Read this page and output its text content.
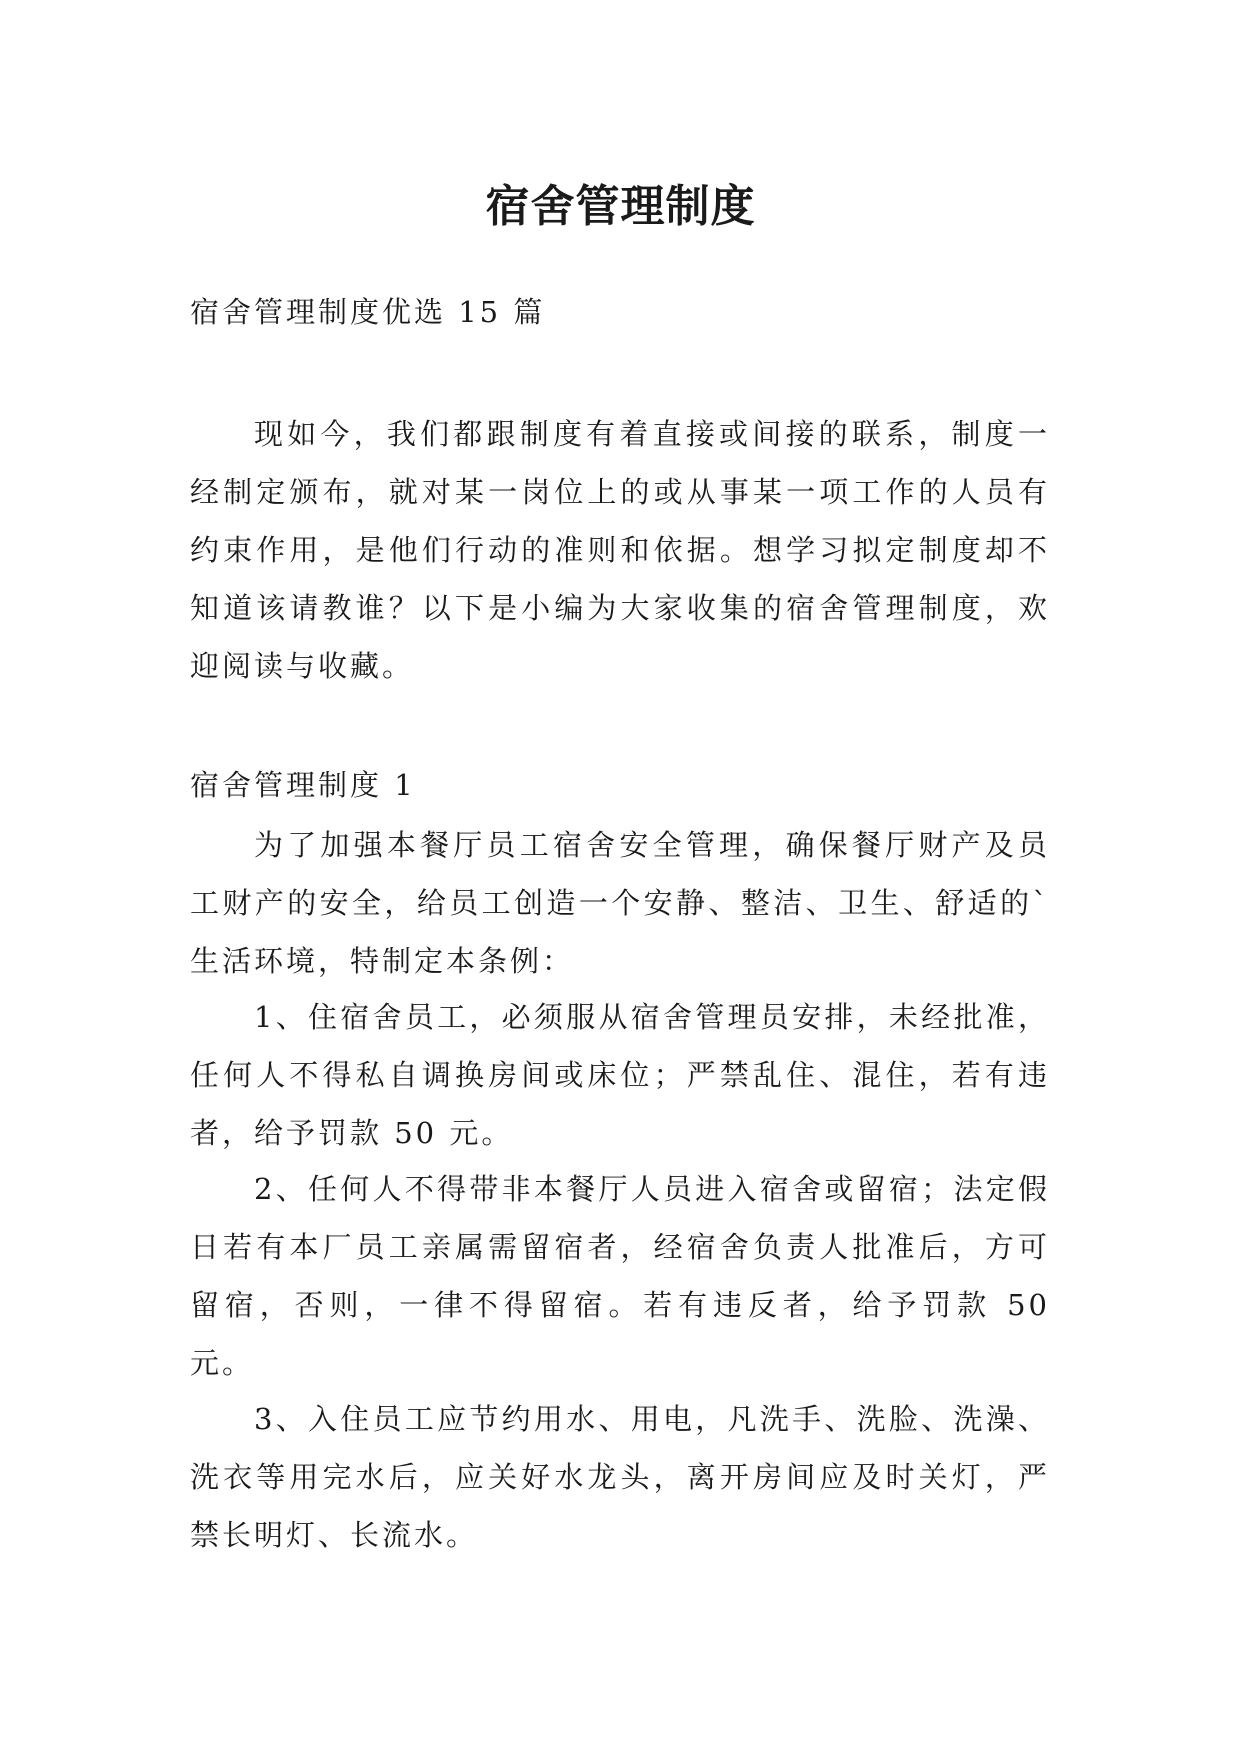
宿舍管理制度
宿舍管理制度优选 15 篇

现如今，我们都跟制度有着直接或间接的联系，制度一经制定颁布，就对某一岗位上的或从事某一项工作的人员有约束作用，是他们行动的准则和依据。想学习拟定制度却不知道该请教谁？以下是小编为大家收集的宿舍管理制度，欢迎阅读与收藏。

宿舍管理制度 1

为了加强本餐厅员工宿舍安全管理，确保餐厅财产及员工财产的安全，给员工创造一个安静、整洁、卫生、舒适的`生活环境，特制定本条例：

1、住宿舍员工，必须服从宿舍管理员安排，未经批准，任何人不得私自调换房间或床位；严禁乱住、混住，若有违者，给予罚款 50 元。

2、任何人不得带非本餐厅人员进入宿舍或留宿；法定假日若有本厂员工亲属需留宿者，经宿舍负责人批准后，方可留宿，否则，一律不得留宿。若有违反者，给予罚款 50 元。

3、入住员工应节约用水、用电，凡洗手、洗脸、洗澡、洗衣等用完水后，应关好水龙头，离开房间应及时关灯，严禁长明灯、长流水。
